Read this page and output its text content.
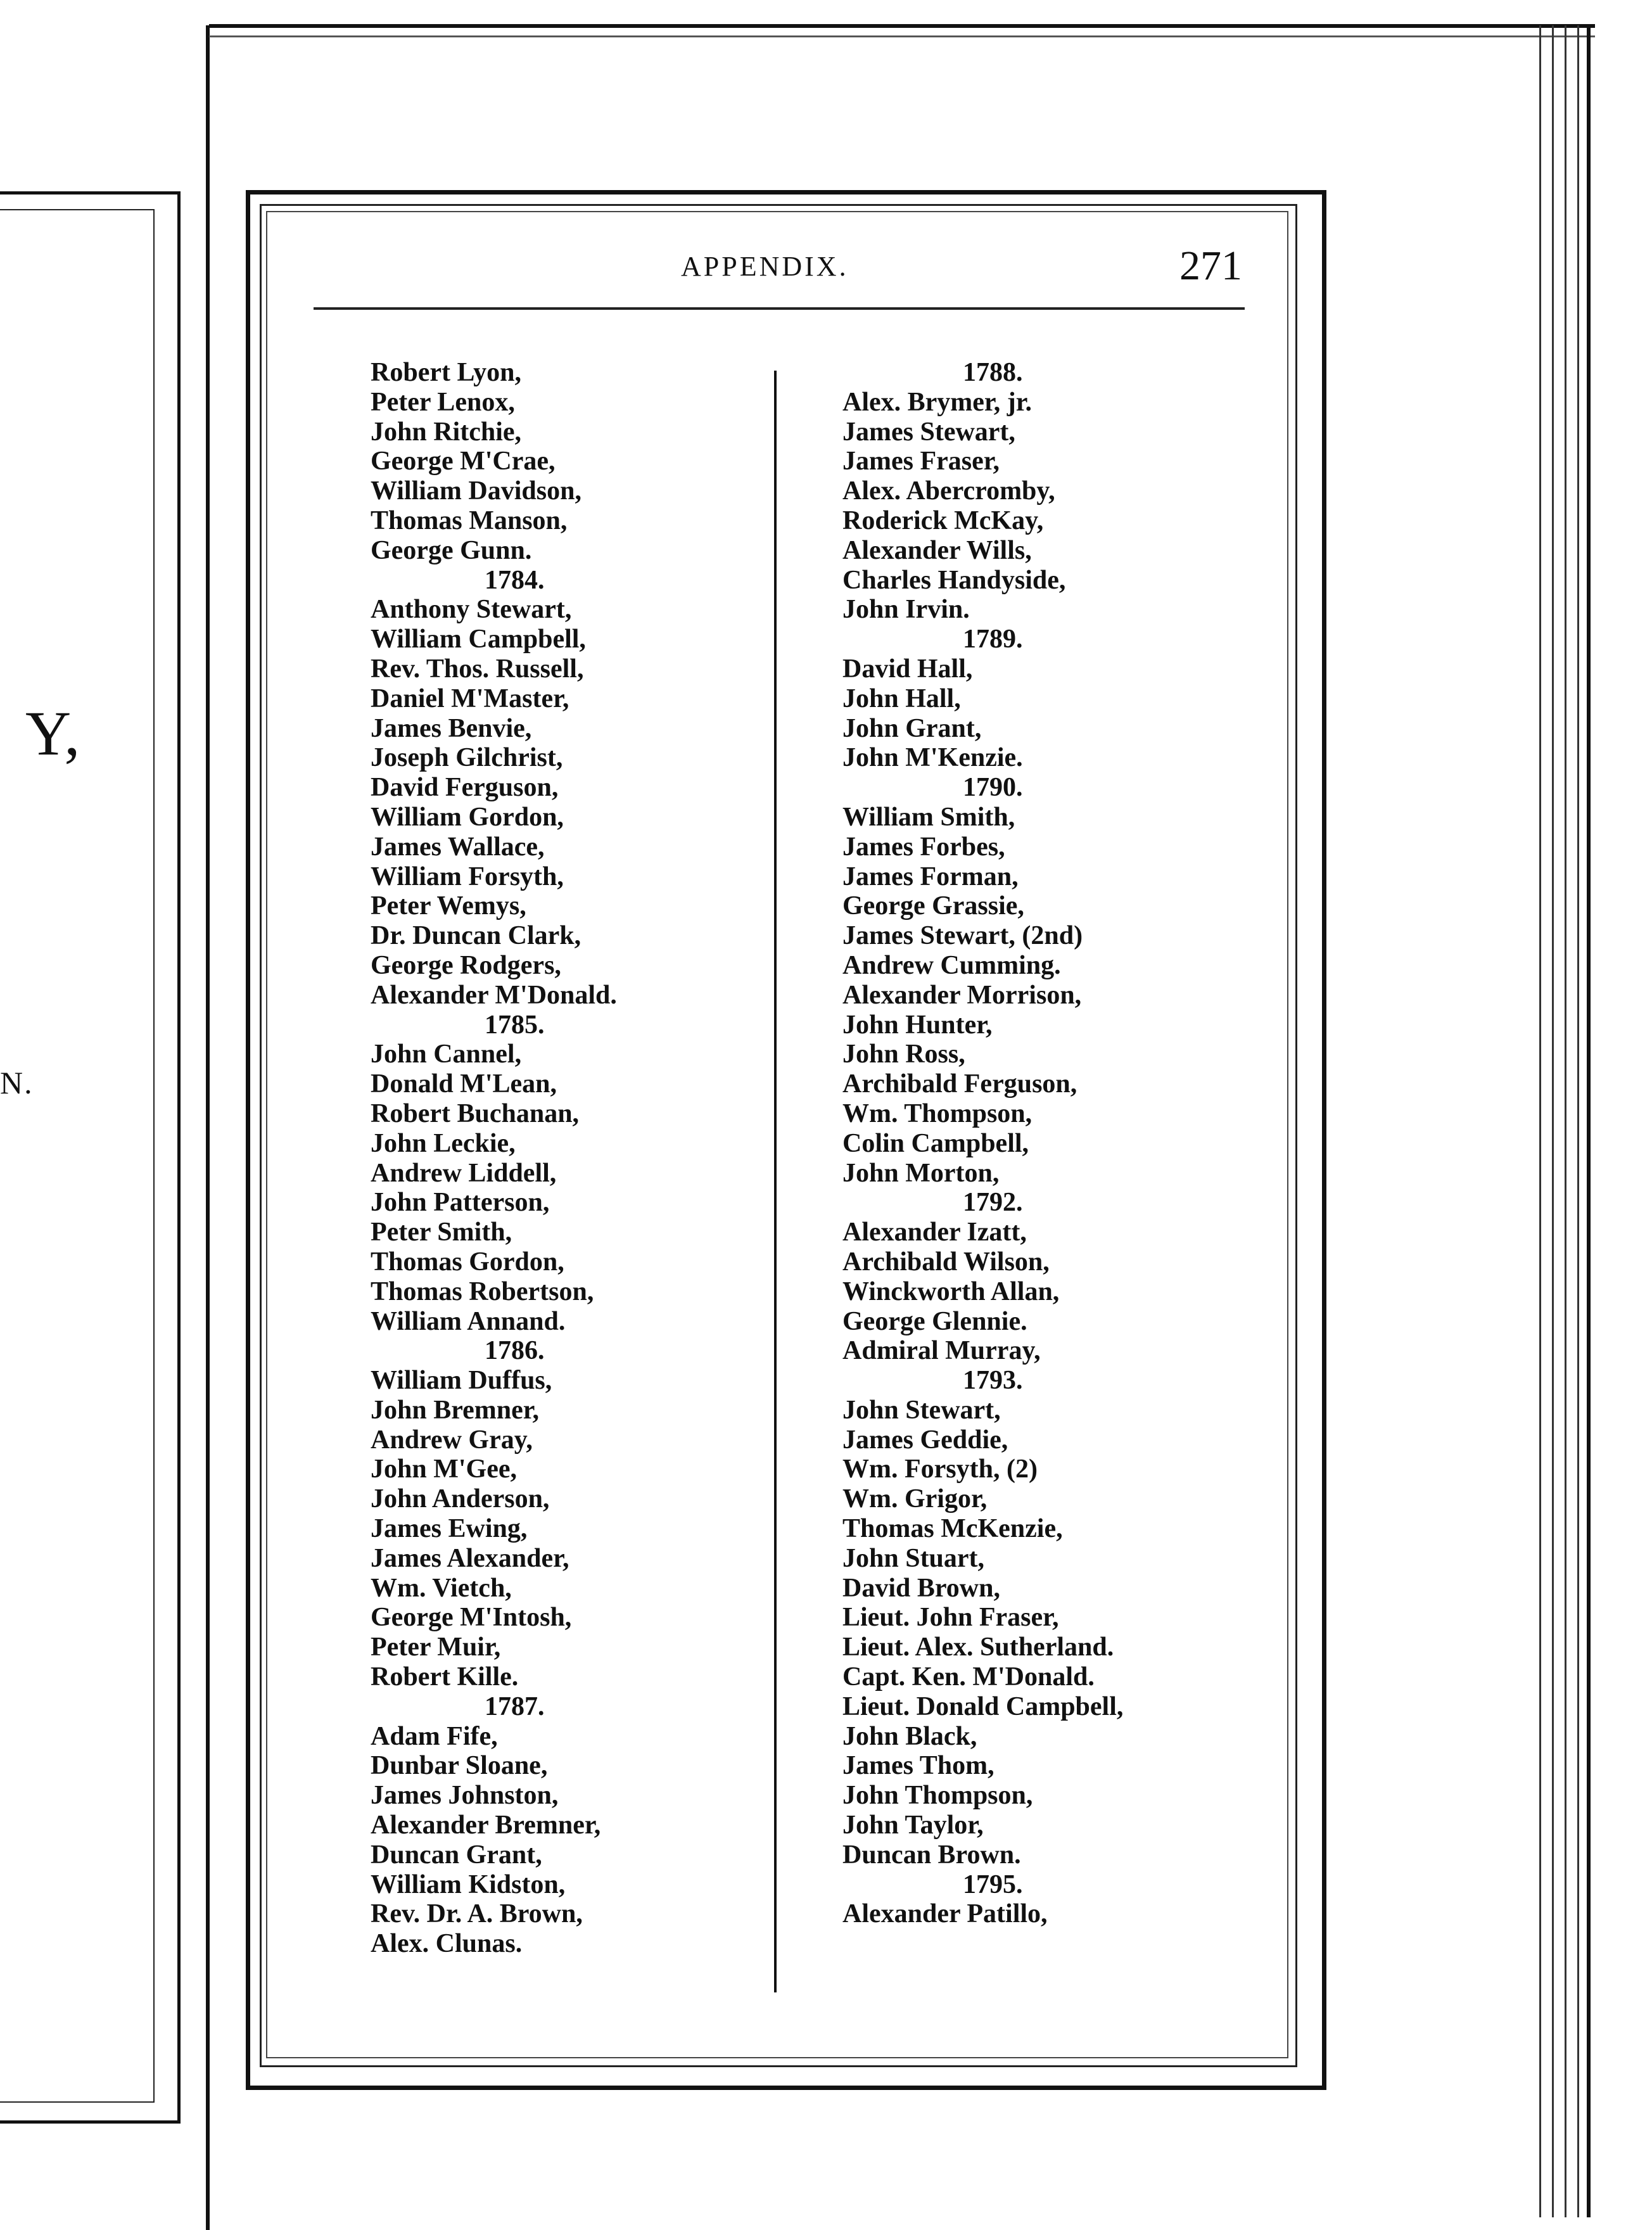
Y,
N.
APPENDIX.	271
Robert Lyon,
Peter Lenox,
John Ritchie,
George M'Crae,
William Davidson,
Thomas Manson,
George Gunn.
1784.
Anthony Stewart,
William Campbell,
Rev. Thos. Russell,
Daniel M'Master,
James Benvie,
Joseph Gilchrist,
David Ferguson,
William Gordon,
James Wallace,
William Forsyth,
Peter Wemys,
Dr. Duncan Clark,
George Rodgers,
Alexander M'Donald.
1785.
John Cannel,
Donald M'Lean,
Robert Buchanan,
John Leckie,
Andrew Liddell,
John Patterson,
Peter Smith,
Thomas Gordon,
Thomas Robertson,
William Annand.
1786.
William Duffus,
John Bremner,
Andrew Gray,
John M'Gee,
John Anderson,
James Ewing,
James Alexander,
Wm. Vietch,
George M'Intosh,
Peter Muir,
Robert Kille.
1787.
Adam Fife,
Dunbar Sloane,
James Johnston,
Alexander Bremner,
Duncan Grant,
William Kidston,
Rev. Dr. A. Brown,
Alex. Clunas.
1788.
Alex. Brymer, jr.
James Stewart,
James Fraser,
Alex. Abercromby,
Roderick McKay,
Alexander Wills,
Charles Handyside,
John Irvin.
1789.
David Hall,
John Hall,
John Grant,
John M'Kenzie.
1790.
William Smith,
James Forbes,
James Forman,
George Grassie,
James Stewart, (2nd)
Andrew Cumming.
Alexander Morrison,
John Hunter,
John Ross,
Archibald Ferguson,
Wm. Thompson,
Colin Campbell,
John Morton,
1792.
Alexander Izatt,
Archibald Wilson,
Winckworth Allan,
George Glennie.
Admiral Murray,
1793.
John Stewart,
James Geddie,
Wm. Forsyth, (2)
Wm. Grigor,
Thomas McKenzie,
John Stuart,
David Brown,
Lieut. John Fraser,
Lieut. Alex. Sutherland.
Capt. Ken. M'Donald.
Lieut. Donald Campbell,
John Black,
James Thom,
John Thompson,
John Taylor,
Duncan Brown.
1795.
Alexander Patillo,
